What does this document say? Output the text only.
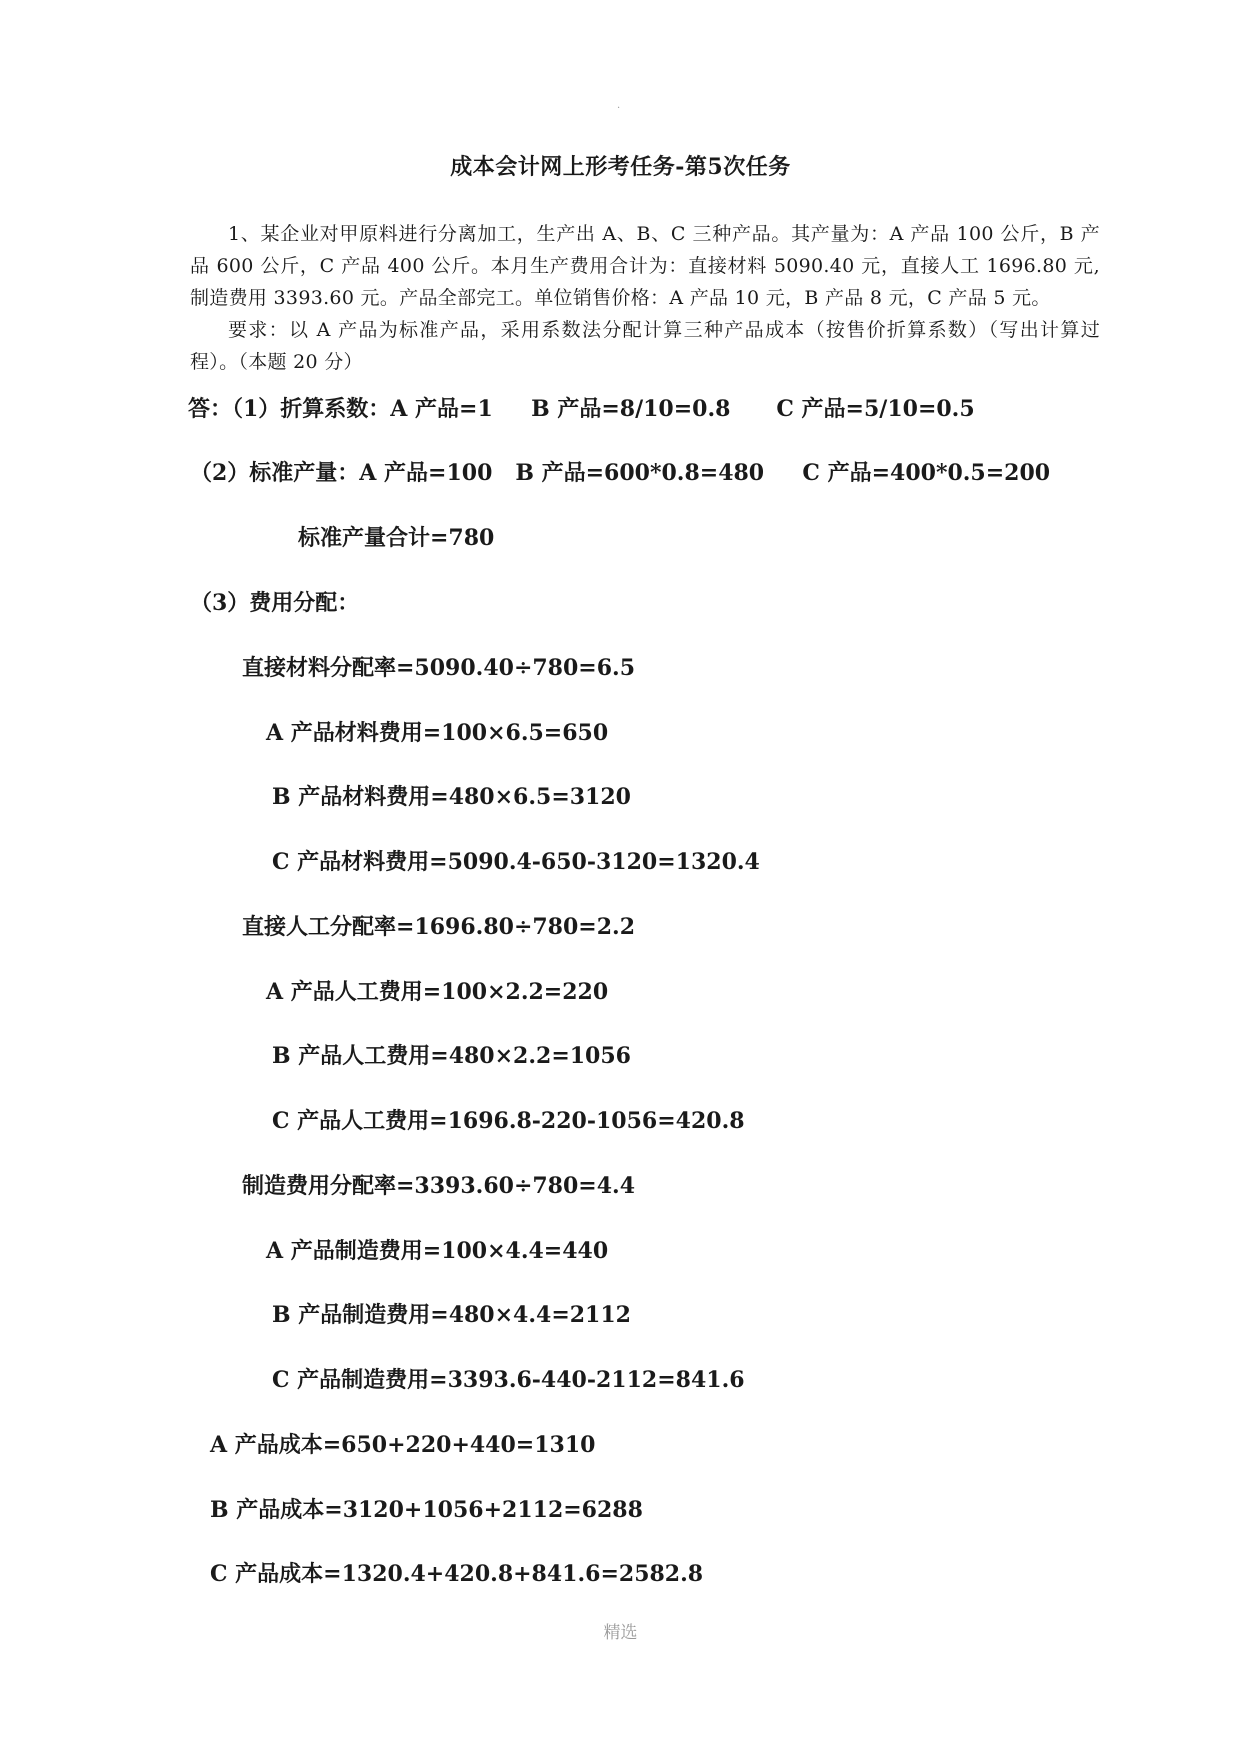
.
成本会计网上形考任务-第5次任务

1、某企业对甲原料进行分离加工，生产出 A、B、C 三种产品。其产量为：A 产品 100 公斤，B 产品 600 公斤，C 产品 400 公斤。本月生产费用合计为：直接材料 5090.40 元，直接人工 1696.80 元,制造费用 3393.60 元。产品全部完工。单位销售价格：A 产品 10 元，B 产品 8 元，C 产品 5 元。

要求：以 A 产品为标准产品，采用系数法分配计算三种产品成本（按售价折算系数）（写出计算过程）。（本题 20 分）

答：（1）折算系数：A 产品=1     B 产品=8/10=0.8      C 产品=5/10=0.5
（2）标准产量：A 产品=100   B 产品=600*0.8=480     C 产品=400*0.5=200
标准产量合计=780
（3）费用分配：
直接材料分配率=5090.40÷780=6.5
A 产品材料费用=100×6.5=650
B 产品材料费用=480×6.5=3120
C 产品材料费用=5090.4-650-3120=1320.4
直接人工分配率=1696.80÷780=2.2
A 产品人工费用=100×2.2=220
B 产品人工费用=480×2.2=1056
C 产品人工费用=1696.8-220-1056=420.8
制造费用分配率=3393.60÷780=4.4
A 产品制造费用=100×4.4=440
B 产品制造费用=480×4.4=2112
C 产品制造费用=3393.6-440-2112=841.6
A 产品成本=650+220+440=1310
B 产品成本=3120+1056+2112=6288
C 产品成本=1320.4+420.8+841.6=2582.8
精选
